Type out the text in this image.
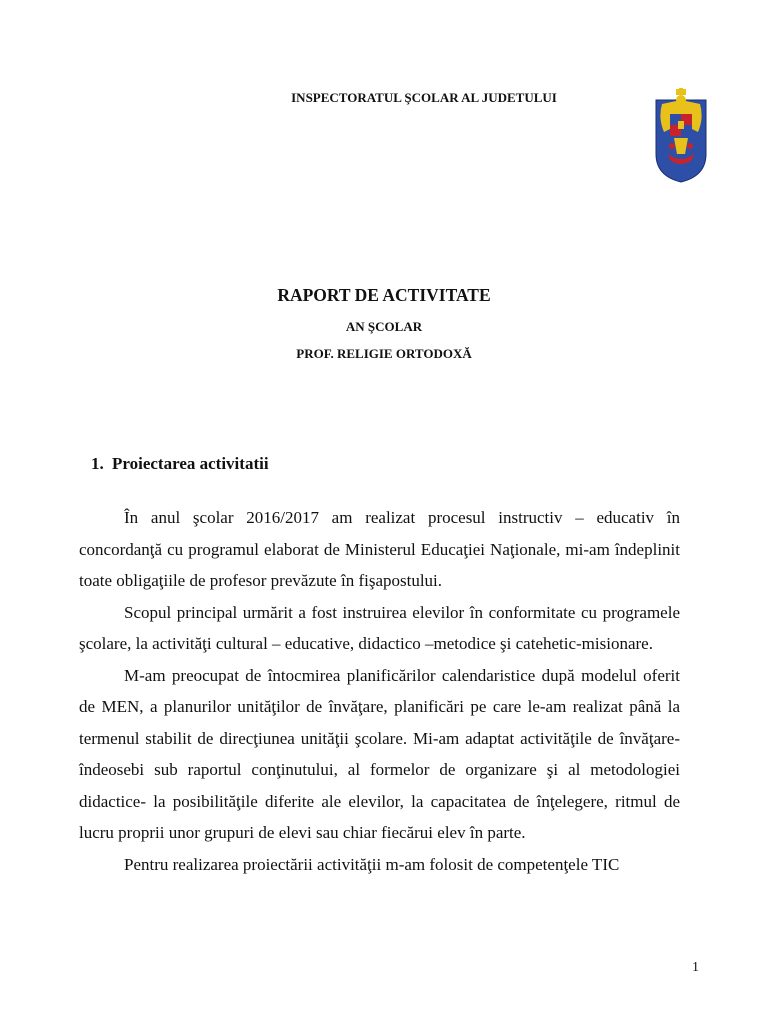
INSPECTORATUL ŞCOLAR AL JUDETULUI
RAPORT DE ACTIVITATE
AN ŞCOLAR
PROF. RELIGIE ORTODOXĂ
1. Proiectarea activitatii

În anul şcolar 2016/2017 am realizat procesul instructiv – educativ în concordanţă cu programul elaborat de Ministerul Educaţiei Naţionale, mi-am îndeplinit toate obligaţiile de profesor prevăzute în fişapostului.

Scopul principal urmărit a fost instruirea elevilor în conformitate cu programele şcolare, la activităţi cultural – educative, didactico –metodice şi catehetic-misionare.

M-am preocupat de întocmirea planificărilor calendaristice după modelul oferit de MEN, a planurilor unităţilor de învăţare, planificări pe care le-am realizat până la termenul stabilit de direcţiunea unităţii şcolare. Mi-am adaptat activităţile de învăţare- îndeosebi sub raportul conţinutului, al formelor de organizare şi al metodologiei didactice- la posibilităţile diferite ale elevilor, la capacitatea de înţelegere, ritmul de lucru proprii unor grupuri de elevi sau chiar fiecărui elev în parte.

Pentru realizarea proiectării activităţii m-am folosit de competenţele TIC

1
